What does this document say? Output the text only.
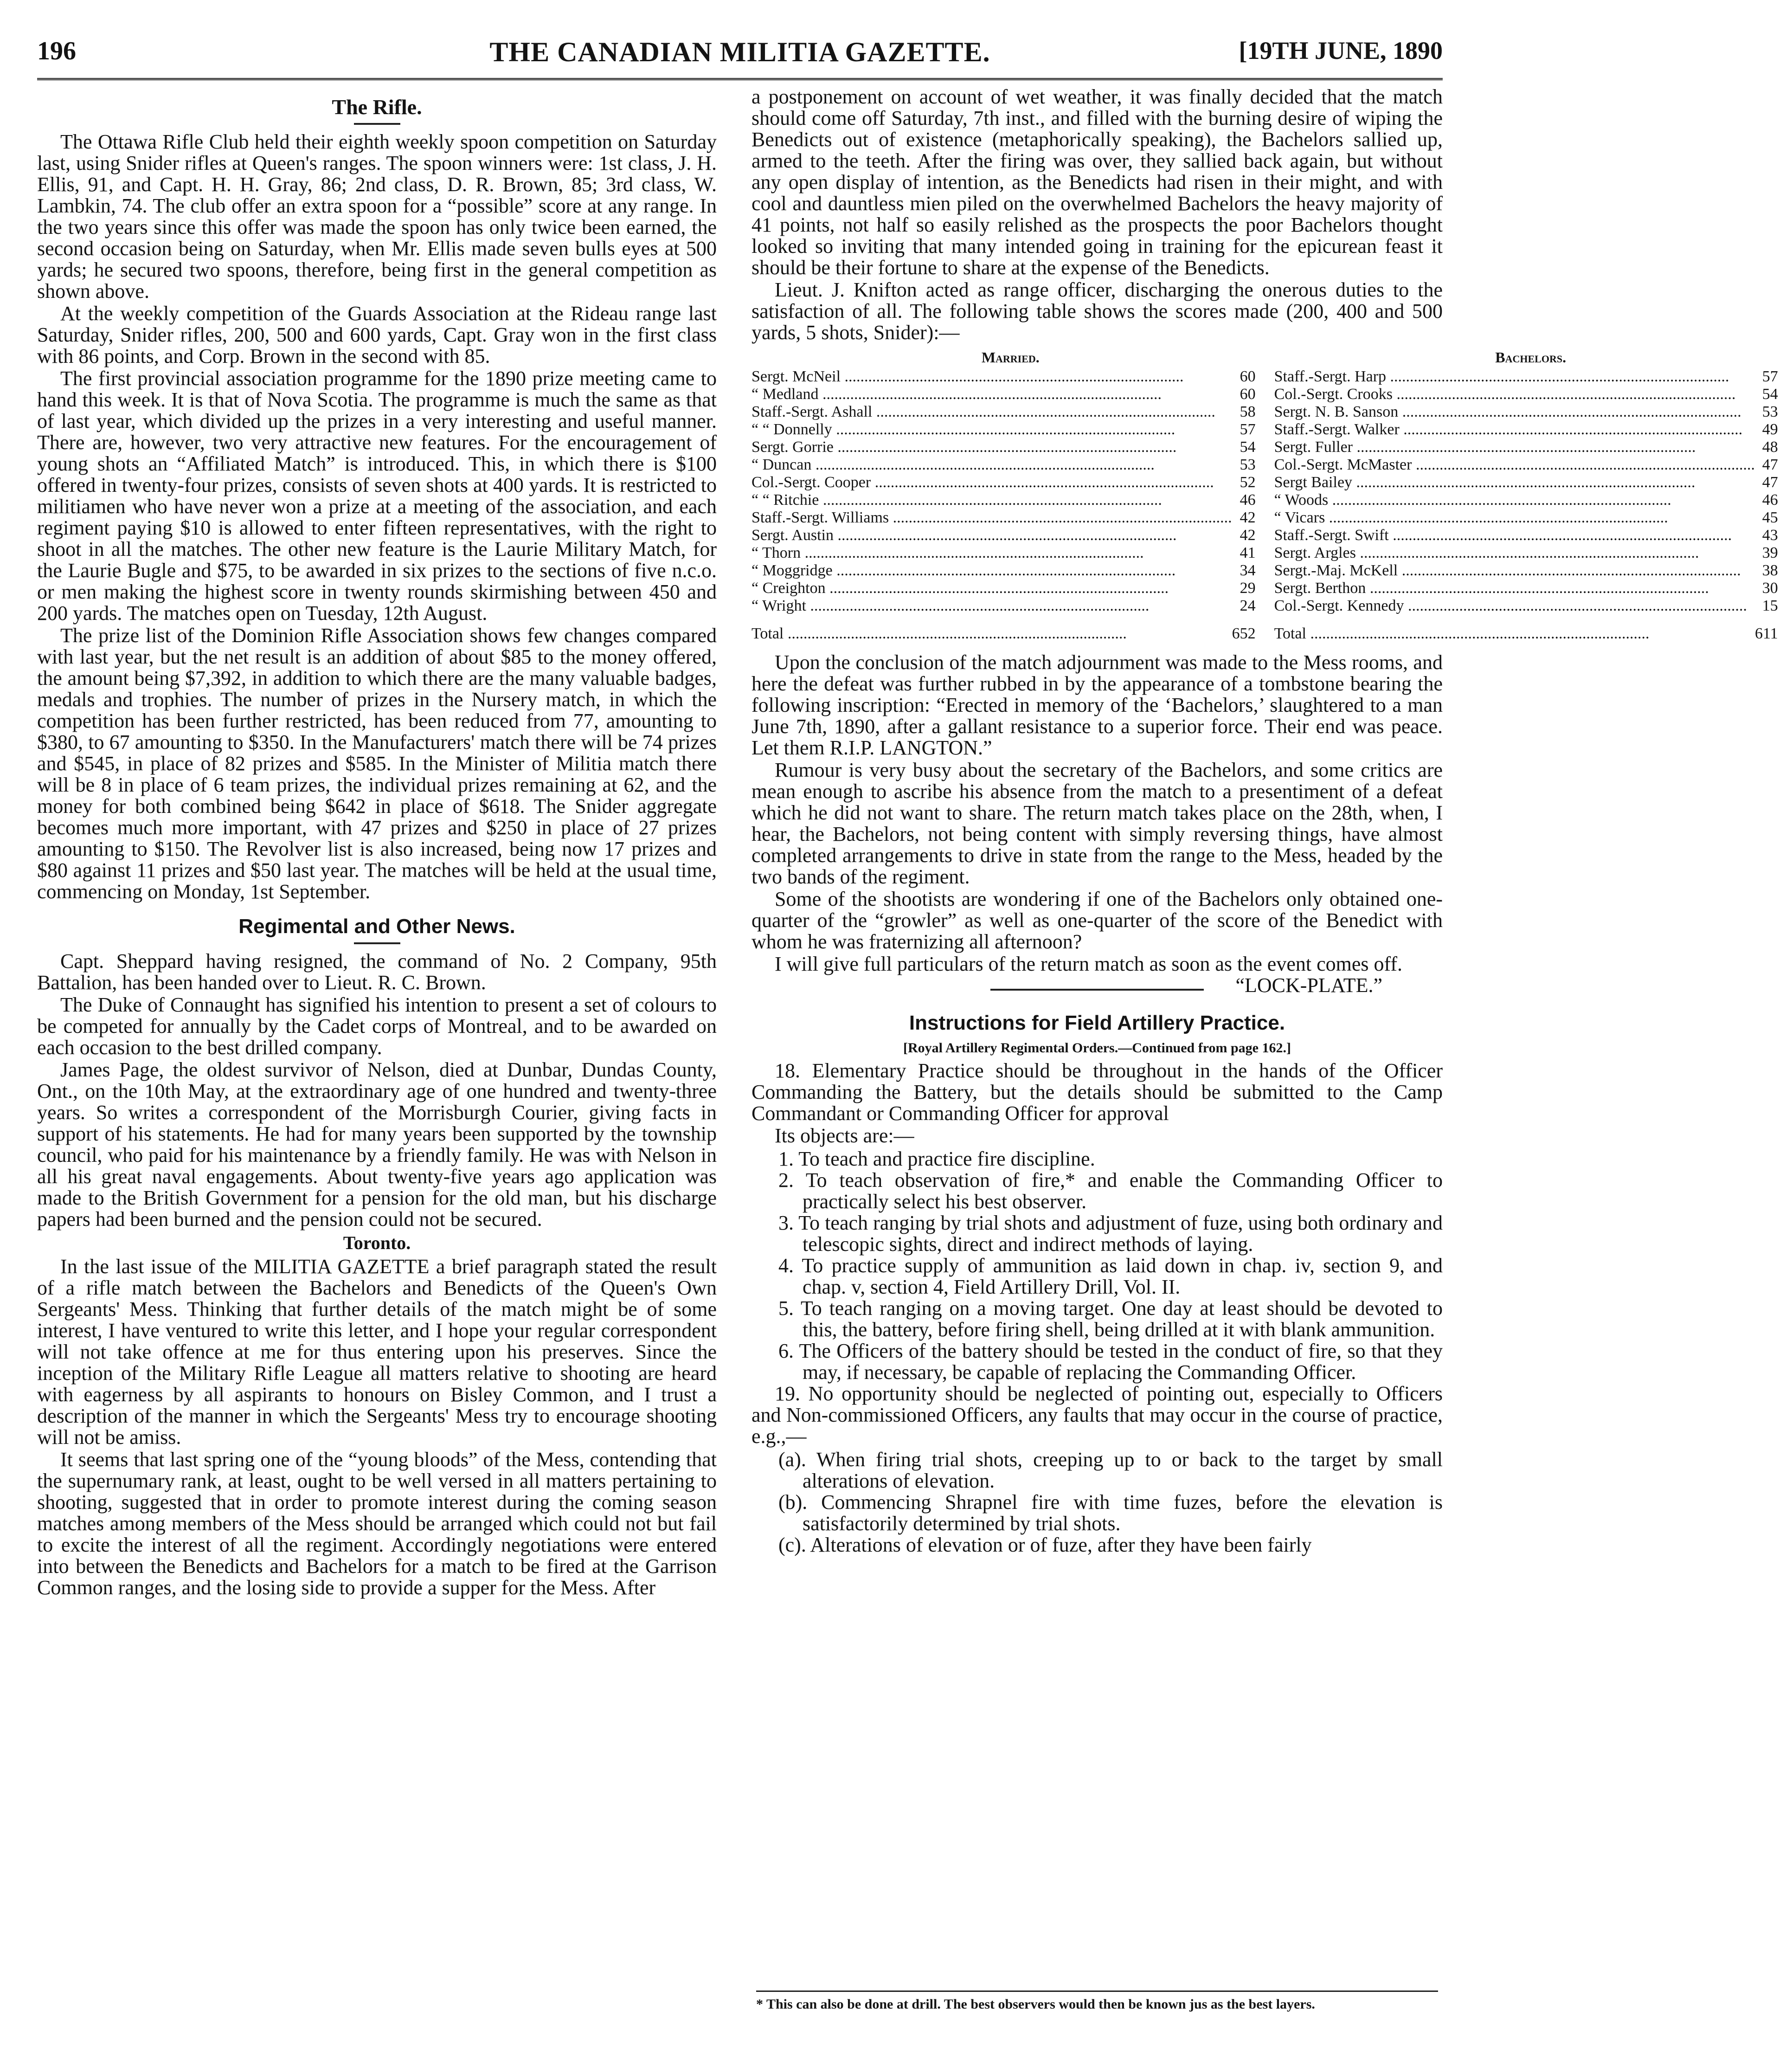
196	THE CANADIAN MILITIA GAZETTE.	[19TH JUNE, 1890
The Rifle.

The Ottawa Rifle Club held their eighth weekly spoon competition on Saturday last, using Snider rifles at Queen's ranges. The spoon winners were: 1st class, J. H. Ellis, 91, and Capt. H. H. Gray, 86; 2nd class, D. R. Brown, 85; 3rd class, W. Lambkin, 74. The club offer an extra spoon for a “possible” score at any range. In the two years since this offer was made the spoon has only twice been earned, the second occasion being on Saturday, when Mr. Ellis made seven bulls eyes at 500 yards; he secured two spoons, therefore, being first in the general competition as shown above.

At the weekly competition of the Guards Association at the Rideau range last Saturday, Snider rifles, 200, 500 and 600 yards, Capt. Gray won in the first class with 86 points, and Corp. Brown in the second with 85.

The first provincial association programme for the 1890 prize meeting came to hand this week. It is that of Nova Scotia. The programme is much the same as that of last year, which divided up the prizes in a very interesting and useful manner. There are, however, two very attractive new features. For the encouragement of young shots an “Affiliated Match” is introduced. This, in which there is $100 offered in twenty-four prizes, consists of seven shots at 400 yards. It is restricted to militiamen who have never won a prize at a meeting of the association, and each regiment paying $10 is allowed to enter fifteen representatives, with the right to shoot in all the matches. The other new feature is the Laurie Military Match, for the Laurie Bugle and $75, to be awarded in six prizes to the sections of five n.c.o. or men making the highest score in twenty rounds skirmishing between 450 and 200 yards. The matches open on Tuesday, 12th August.

The prize list of the Dominion Rifle Association shows few changes compared with last year, but the net result is an addition of about $85 to the money offered, the amount being $7,392, in addition to which there are the many valuable badges, medals and trophies. The number of prizes in the Nursery match, in which the competition has been further restricted, has been reduced from 77, amounting to $380, to 67 amounting to $350. In the Manufacturers' match there will be 74 prizes and $545, in place of 82 prizes and $585. In the Minister of Militia match there will be 8 in place of 6 team prizes, the individual prizes remaining at 62, and the money for both combined being $642 in place of $618. The Snider aggregate becomes much more important, with 47 prizes and $250 in place of 27 prizes amounting to $150. The Revolver list is also increased, being now 17 prizes and $80 against 11 prizes and $50 last year. The matches will be held at the usual time, commencing on Monday, 1st September.

Regimental and Other News.

Capt. Sheppard having resigned, the command of No. 2 Company, 95th Battalion, has been handed over to Lieut. R. C. Brown.

The Duke of Connaught has signified his intention to present a set of colours to be competed for annually by the Cadet corps of Montreal, and to be awarded on each occasion to the best drilled company.

James Page, the oldest survivor of Nelson, died at Dunbar, Dundas County, Ont., on the 10th May, at the extraordinary age of one hundred and twenty-three years. So writes a correspondent of the Morrisburgh Courier, giving facts in support of his statements. He had for many years been supported by the township council, who paid for his maintenance by a friendly family. He was with Nelson in all his great naval engagements. About twenty-five years ago application was made to the British Government for a pension for the old man, but his discharge papers had been burned and the pension could not be secured.

Toronto.

In the last issue of the MILITIA GAZETTE a brief paragraph stated the result of a rifle match between the Bachelors and Benedicts of the Queen's Own Sergeants' Mess. Thinking that further details of the match might be of some interest, I have ventured to write this letter, and I hope your regular correspondent will not take offence at me for thus entering upon his preserves. Since the inception of the Military Rifle League all matters relative to shooting are heard with eagerness by all aspirants to honours on Bisley Common, and I trust a description of the manner in which the Sergeants' Mess try to encourage shooting will not be amiss.

It seems that last spring one of the “young bloods” of the Mess, contending that the supernumary rank, at least, ought to be well versed in all matters pertaining to shooting, suggested that in order to promote interest during the coming season matches among members of the Mess should be arranged which could not but fail to excite the interest of all the regiment. Accordingly negotiations were entered into between the Benedicts and Bachelors for a match to be fired at the Garrison Common ranges, and the losing side to provide a supper for the Mess. After

a postponement on account of wet weather, it was finally decided that the match should come off Saturday, 7th inst., and filled with the burning desire of wiping the Benedicts out of existence (metaphorically speaking), the Bachelors sallied up, armed to the teeth. After the firing was over, they sallied back again, but without any open display of intention, as the Benedicts had risen in their might, and with cool and dauntless mien piled on the overwhelmed Bachelors the heavy majority of 41 points, not half so easily relished as the prospects the poor Bachelors thought looked so inviting that many intended going in training for the epicurean feast it should be their fortune to share at the expense of the Benedicts.

Lieut. J. Knifton acted as range officer, discharging the onerous duties to the satisfaction of all. The following table shows the scores made (200, 400 and 500 yards, 5 shots, Snider):—

Married.		Bachelors.	
Sergt. McNeil .....	60	Staff.-Sergt. Harp .....	57
“ Medland .....	60	Col.-Sergt. Crooks .....	54
Staff.-Sergt. Ashall .....	58	Sergt. N. B. Sanson .....	53
“ “ Donnelly .....	57	Staff.-Sergt. Walker .....	49
Sergt. Gorrie .....	54	Sergt. Fuller .....	48
“ Duncan .....	53	Col.-Sergt. McMaster .....	47
Col.-Sergt. Cooper .....	52	Sergt Bailey .....	47
“ “ Ritchie .....	46	“ Woods .....	46
Staff.-Sergt. Williams .....	42	“ Vicars .....	45
Sergt. Austin .....	42	Staff.-Sergt. Swift .....	43
“ Thorn .....	41	Sergt. Argles .....	39
“ Moggridge .....	34	Sergt.-Maj. McKell .....	38
“ Creighton .....	29	Sergt. Berthon .....	30
“ Wright .....	24	Col.-Sergt. Kennedy .....	15
Total .....	652	Total .....	611

Upon the conclusion of the match adjournment was made to the Mess rooms, and here the defeat was further rubbed in by the appearance of a tombstone bearing the following inscription: “Erected in memory of the ‘Bachelors,’ slaughtered to a man June 7th, 1890, after a gallant resistance to a superior force. Their end was peace. Let them R.I.P. LANGTON.”

Rumour is very busy about the secretary of the Bachelors, and some critics are mean enough to ascribe his absence from the match to a presentiment of a defeat which he did not want to share. The return match takes place on the 28th, when, I hear, the Bachelors, not being content with simply reversing things, have almost completed arrangements to drive in state from the range to the Mess, headed by the two bands of the regiment.

Some of the shootists are wondering if one of the Bachelors only obtained one-quarter of the “growler” as well as one-quarter of the score of the Benedict with whom he was fraternizing all afternoon?

I will give full particulars of the return match as soon as the event comes off.
“LOCK-PLATE.”

Instructions for Field Artillery Practice.
[Royal Artillery Regimental Orders.—Continued from page 162.]

18. Elementary Practice should be throughout in the hands of the Officer Commanding the Battery, but the details should be submitted to the Camp Commandant or Commanding Officer for approval

Its objects are:—

1. To teach and practice fire discipline.
2. To teach observation of fire,* and enable the Commanding Officer to practically select his best observer.
3. To teach ranging by trial shots and adjustment of fuze, using both ordinary and telescopic sights, direct and indirect methods of laying.
4. To practice supply of ammunition as laid down in chap. iv, section 9, and chap. v, section 4, Field Artillery Drill, Vol. II.
5. To teach ranging on a moving target. One day at least should be devoted to this, the battery, before firing shell, being drilled at it with blank ammunition.
6. The Officers of the battery should be tested in the conduct of fire, so that they may, if necessary, be capable of replacing the Commanding Officer.

19. No opportunity should be neglected of pointing out, especially to Officers and Non-commissioned Officers, any faults that may occur in the course of practice, e.g.,—

(a). When firing trial shots, creeping up to or back to the target by small alterations of elevation.
(b). Commencing Shrapnel fire with time fuzes, before the elevation is satisfactorily determined by trial shots.
(c). Alterations of elevation or of fuze, after they have been fairly
* This can also be done at drill. The best observers would then be known jus as the best layers.
